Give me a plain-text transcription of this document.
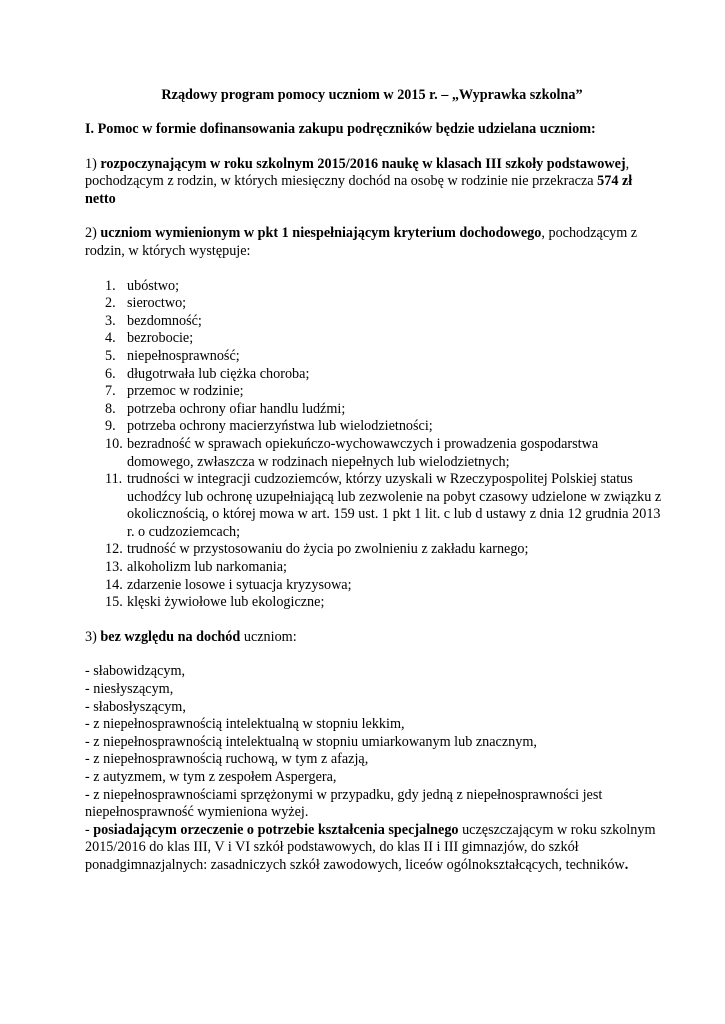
Rządowy program pomocy uczniom w 2015 r. – „Wyprawka szkolna”

I. Pomoc w formie dofinansowania zakupu podręczników będzie udzielana uczniom:

1) rozpoczynającym w roku szkolnym 2015/2016 naukę w klasach III szkoły podstawowej, pochodzącym z rodzin, w których miesięczny dochód na osobę w rodzinie nie przekracza 574 zł netto

2) uczniom wymienionym w pkt 1 niespełniającym kryterium dochodowego, pochodzącym z rodzin, w których występuje:

1. ubóstwo;
2. sieroctwo;
3. bezdomność;
4. bezrobocie;
5. niepełnosprawność;
6. długotrwała lub ciężka choroba;
7. przemoc w rodzinie;
8. potrzeba ochrony ofiar handlu ludźmi;
9. potrzeba ochrony macierzyństwa lub wielodzietności;
10. bezradność w sprawach opiekuńczo-wychowawczych i prowadzenia gospodarstwa domowego, zwłaszcza w rodzinach niepełnych lub wielodzietnych;
11. trudności w integracji cudzoziemców, którzy uzyskali w Rzeczypospolitej Polskiej status uchodźcy lub ochronę uzupełniającą lub zezwolenie na pobyt czasowy udzielone w związku z okolicznością, o której mowa w art. 159 ust. 1 pkt 1 lit. c lub d ustawy z dnia 12 grudnia 2013 r. o cudzoziemcach;
12. trudność w przystosowaniu do życia po zwolnieniu z zakładu karnego;
13. alkoholizm lub narkomania;
14. zdarzenie losowe i sytuacja kryzysowa;
15. klęski żywiołowe lub ekologiczne;

3) bez względu na dochód uczniom:

- słabowidzącym,

- niesłyszącym,

- słabosłyszącym,

- z niepełnosprawnością intelektualną w stopniu lekkim,

- z niepełnosprawnością intelektualną w stopniu umiarkowanym lub znacznym,

- z niepełnosprawnością ruchową, w tym z afazją,

- z autyzmem, w tym z zespołem Aspergera,

- z niepełnosprawnościami sprzężonymi w przypadku, gdy jedną z niepełnosprawności jest niepełnosprawność wymieniona wyżej.

- posiadającym orzeczenie o potrzebie kształcenia specjalnego uczęszczającym w roku szkolnym 2015/2016 do klas III, V i VI szkół podstawowych, do klas II i III gimnazjów, do szkół ponadgimnazjalnych: zasadniczych szkół zawodowych, liceów ogólnokształcących, techników.
